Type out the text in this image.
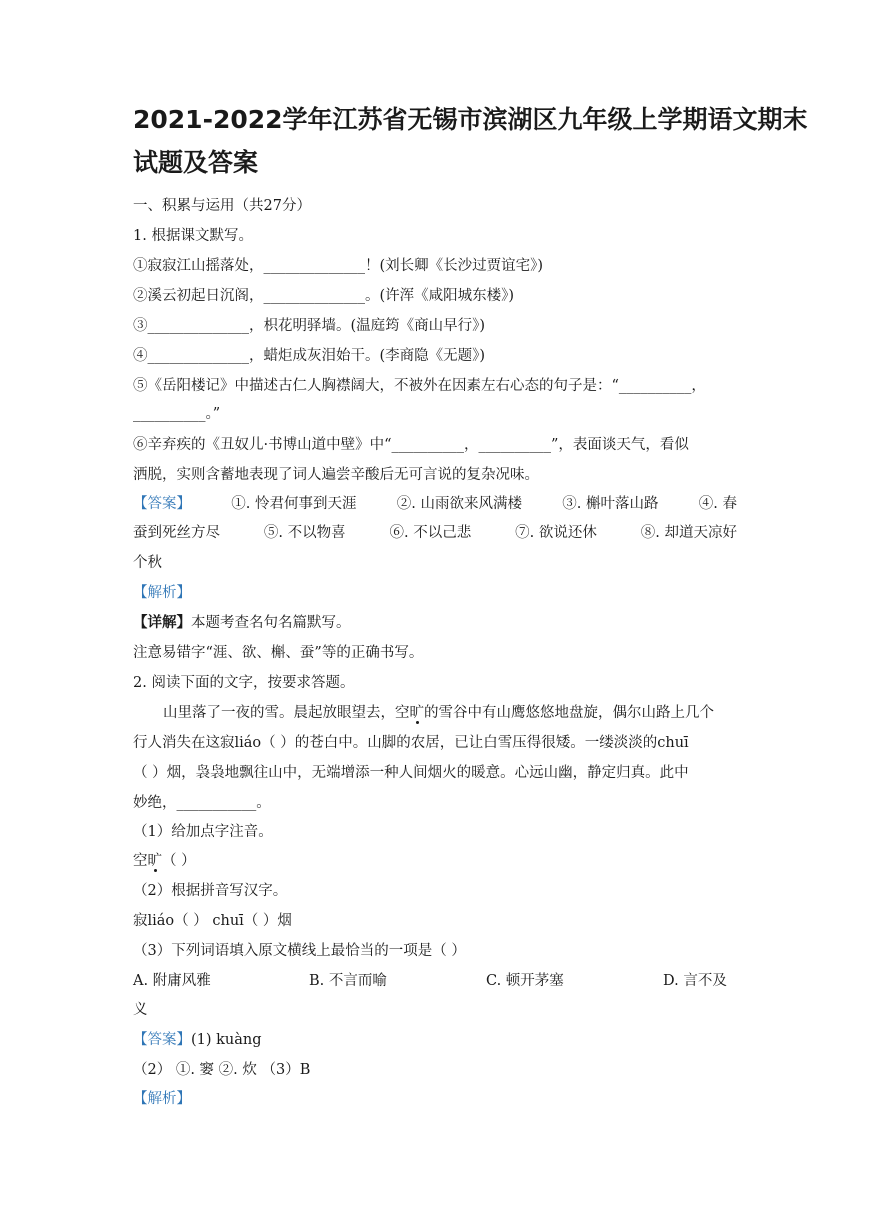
2021-2022学年江苏省无锡市滨湖区九年级上学期语文期末
试题及答案
一、积累与运用（共27分）
1. 根据课文默写。
①寂寂江山摇落处，______________！(刘长卿《长沙过贾谊宅》)
②溪云初起日沉阁，______________。(许浑《咸阳城东楼》)
③______________，枳花明驿墙。(温庭筠《商山早行》)
④______________，蜡炬成灰泪始干。(李商隐《无题》)
⑤《岳阳楼记》中描述古仁人胸襟阔大，不被外在因素左右心态的句子是：“__________，
__________。”
⑥辛弃疾的《丑奴儿·书博山道中壁》中“__________，__________”，表面谈天气，看似
洒脱，实则含蓄地表现了词人遍尝辛酸后无可言说的复杂况味。
【答案】	①. 怜君何事到天涯	②. 山雨欲来风满楼	③. 槲叶落山路	④. 春
蚕到死丝方尽	⑤. 不以物喜	⑥. 不以己悲	⑦. 欲说还休	⑧. 却道天凉好
个秋
【解析】
【详解】本题考查名句名篇默写。
注意易错字“涯、欲、槲、蚕”等的正确书写。
2. 阅读下面的文字，按要求答题。
山里落了一夜的雪。晨起放眼望去，空旷的雪谷中有山鹰悠悠地盘旋，偶尔山路上几个
行人消失在这寂liáo（ ）的苍白中。山脚的农居，已让白雪压得很矮。一缕淡淡的chuī
（ ）烟，袅袅地飘往山中，无端增添一种人间烟火的暖意。心远山幽，静定归真。此中
妙绝，___________。
（1）给加点字注音。
空旷（ ）
（2）根据拼音写汉字。
寂liáo（ ） chuī（ ）烟
（3）下列词语填入原文横线上最恰当的一项是（ ）
A. 附庸风雅	B. 不言而喻	C. 顿开茅塞	D. 言不及
义
【答案】(1) kuàng
（2） ①. 窭 ②. 炊 （3）B
【解析】
